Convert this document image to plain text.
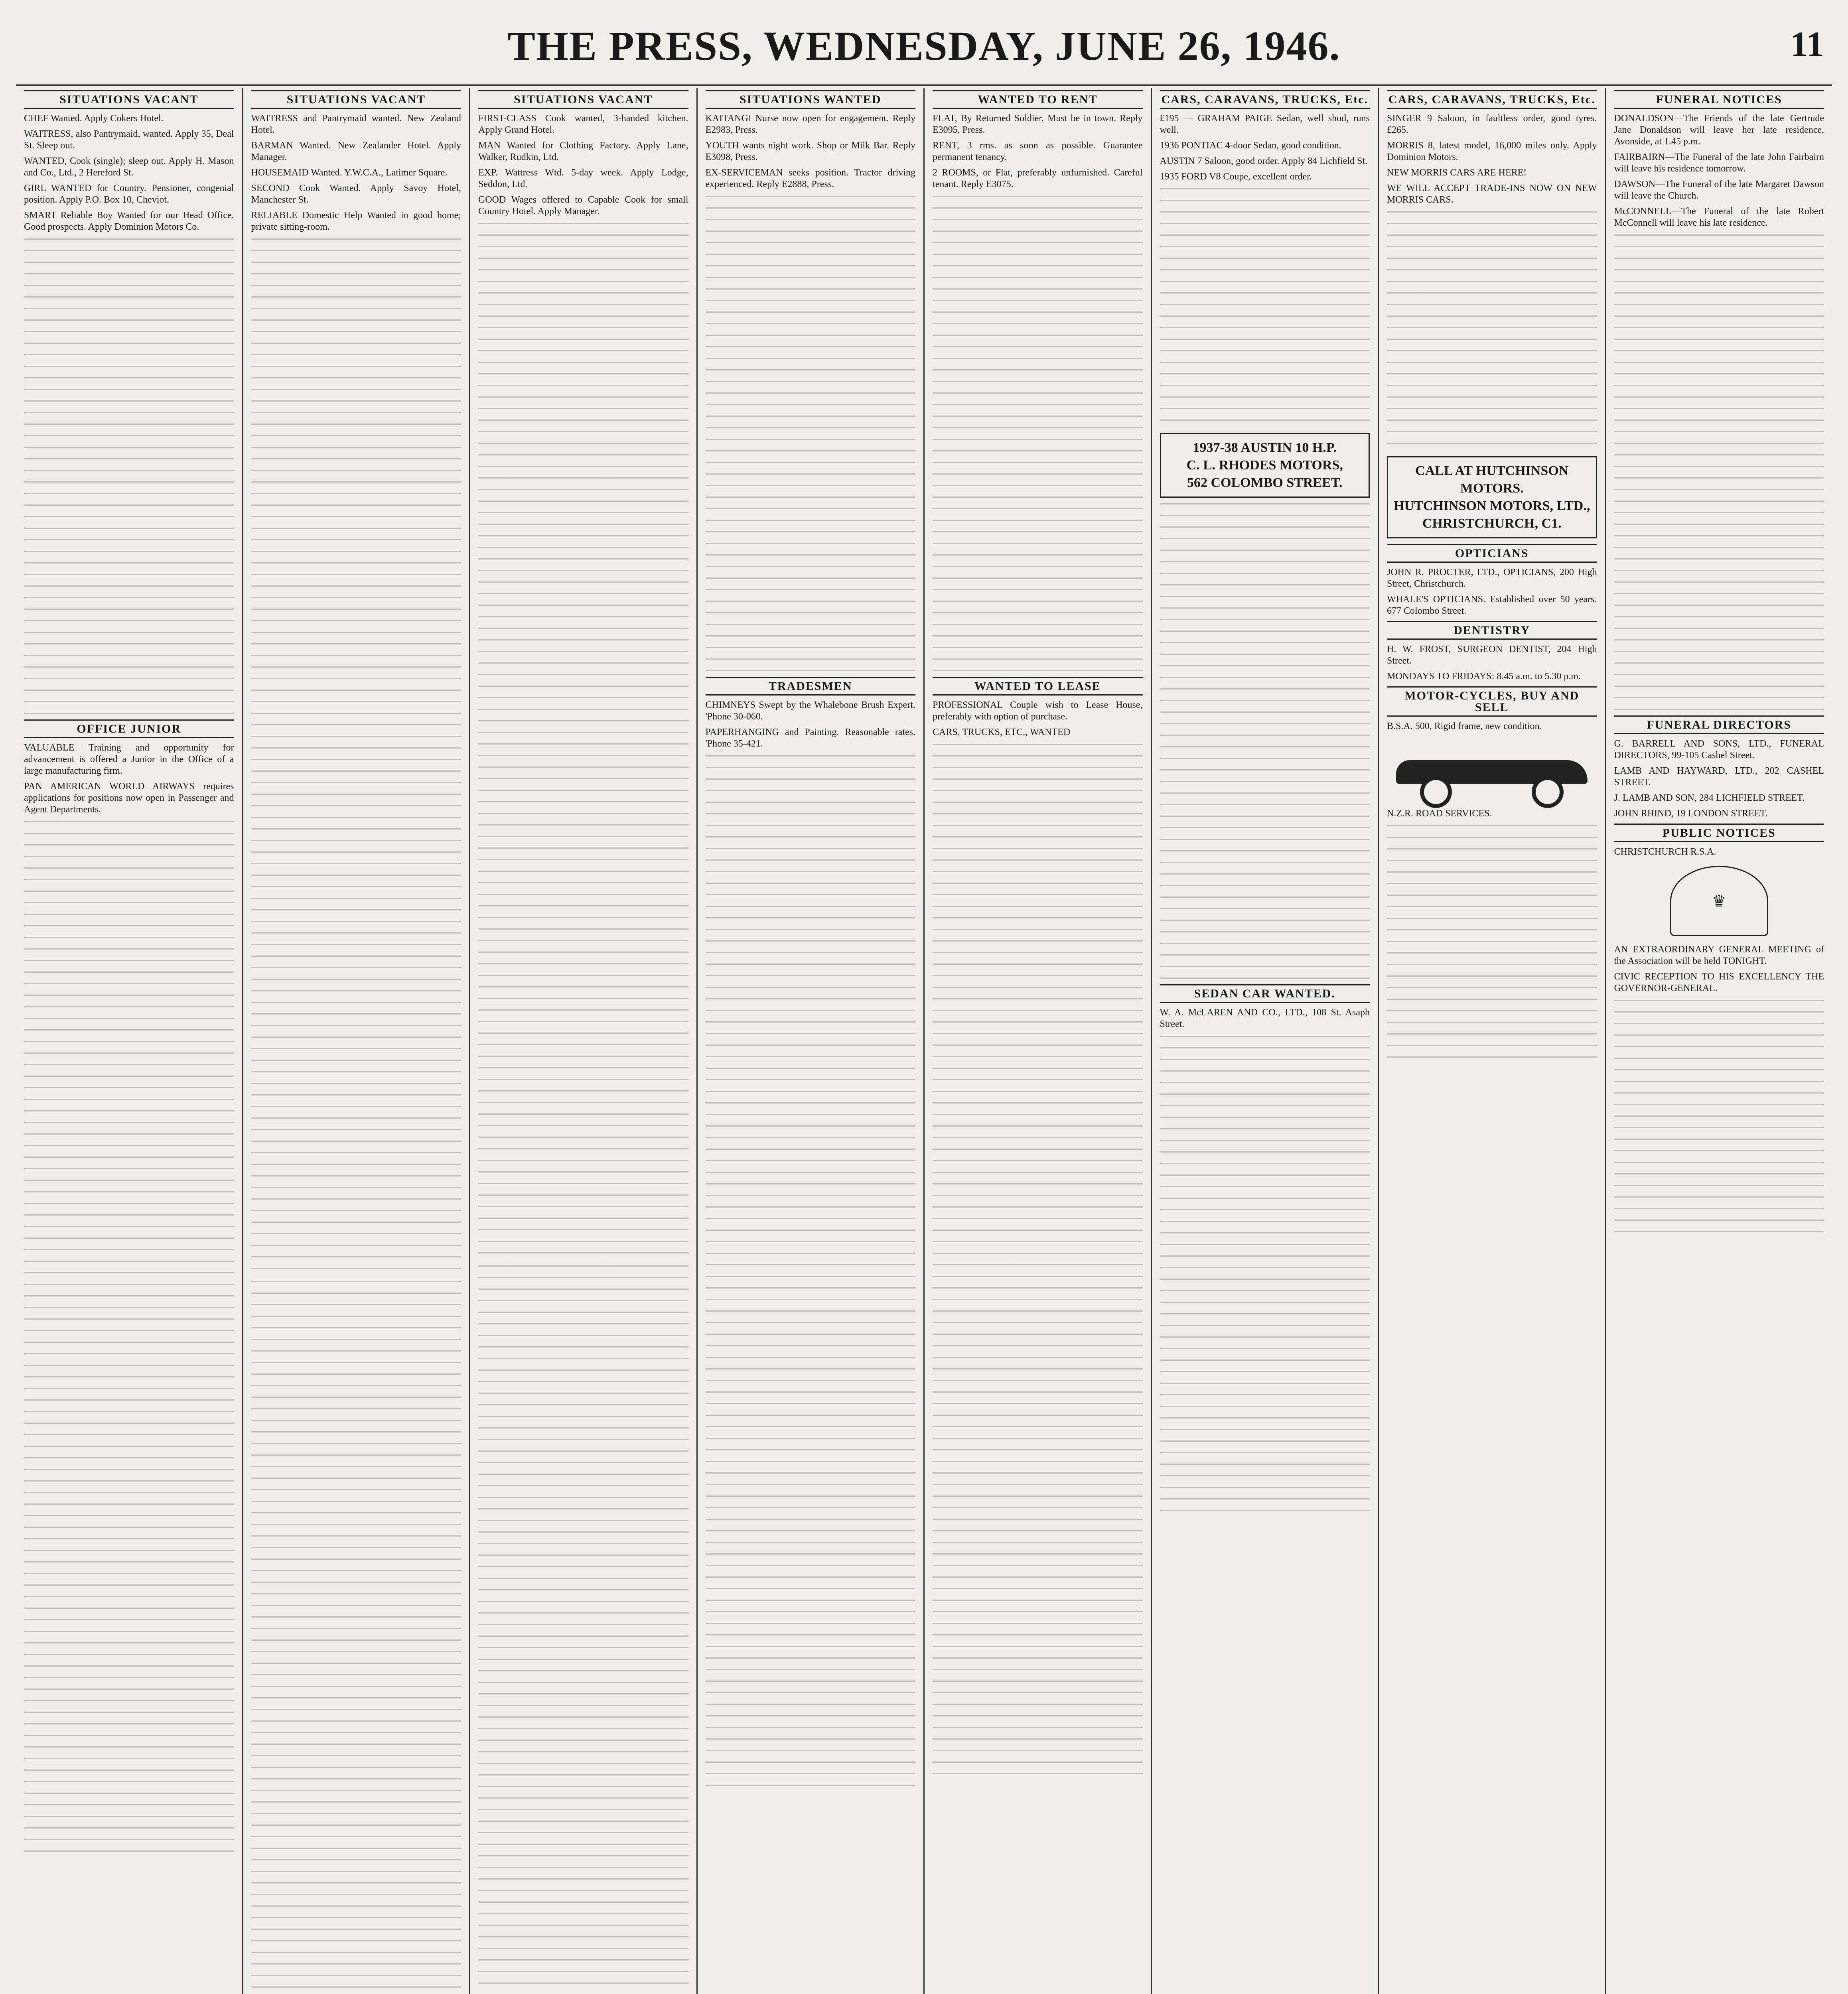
THE PRESS, WEDNESDAY, JUNE 26, 1946.	11
SITUATIONS VACANT

CHEF Wanted. Apply Cokers Hotel.

WAITRESS, also Pantrymaid, wanted. Apply 35, Deal St. Sleep out.

WANTED, Cook (single); sleep out. Apply H. Mason and Co., Ltd., 2 Hereford St.

GIRL WANTED for Country. Pensioner, congenial position. Apply P.O. Box 10, Cheviot.

SMART Reliable Boy Wanted for our Head Office. Good prospects. Apply Dominion Motors Co.

OFFICE JUNIOR

VALUABLE Training and opportunity for advancement is offered a Junior in the Office of a large manufacturing firm.

PAN AMERICAN WORLD AIRWAYS requires applications for positions now open in Passenger and Agent Departments.

SITUATIONS VACANT

WAITRESS and Pantrymaid wanted. New Zealand Hotel.

BARMAN Wanted. New Zealander Hotel. Apply Manager.

HOUSEMAID Wanted. Y.W.C.A., Latimer Square.

SECOND Cook Wanted. Apply Savoy Hotel, Manchester St.

RELIABLE Domestic Help Wanted in good home; private sitting-room.

SITUATIONS VACANT

FIRST-CLASS Cook wanted, 3-handed kitchen. Apply Grand Hotel.

MAN Wanted for Clothing Factory. Apply Lane, Walker, Rudkin, Ltd.

EXP. Wattress Wtd. 5-day week. Apply Lodge, Seddon, Ltd.

GOOD Wages offered to Capable Cook for small Country Hotel. Apply Manager.

SITUATIONS WANTED

KAITANGI Nurse now open for engagement. Reply E2983, Press.

YOUTH wants night work. Shop or Milk Bar. Reply E3098, Press.

EX-SERVICEMAN seeks position. Tractor driving experienced. Reply E2888, Press.

TRADESMEN

CHIMNEYS Swept by the Whalebone Brush Expert. 'Phone 30-060.

PAPERHANGING and Painting. Reasonable rates. 'Phone 35-421.

WANTED TO RENT

FLAT, By Returned Soldier. Must be in town. Reply E3095, Press.

RENT, 3 rms. as soon as possible. Guarantee permanent tenancy.

2 ROOMS, or Flat, preferably unfurnished. Careful tenant. Reply E3075.

WANTED TO LEASE

PROFESSIONAL Couple wish to Lease House, preferably with option of purchase.

CARS, TRUCKS, ETC., WANTED

CARS, CARAVANS, TRUCKS, Etc.

£195 — GRAHAM PAIGE Sedan, well shod, runs well.

1936 PONTIAC 4-door Sedan, good condition.

AUSTIN 7 Saloon, good order. Apply 84 Lichfield St.

1935 FORD V8 Coupe, excellent order.

1937-38 AUSTIN 10 H.P.
C. L. RHODES MOTORS,
562 COLOMBO STREET.
SEDAN CAR WANTED.

W. A. McLAREN AND CO., LTD., 108 St. Asaph Street.

CARS, CARAVANS, TRUCKS, Etc.

SINGER 9 Saloon, in faultless order, good tyres. £265.

MORRIS 8, latest model, 16,000 miles only. Apply Dominion Motors.

NEW MORRIS CARS ARE HERE!

WE WILL ACCEPT TRADE-INS NOW ON NEW MORRIS CARS.

CALL AT HUTCHINSON MOTORS.
HUTCHINSON MOTORS, LTD.,
CHRISTCHURCH, C1.
OPTICIANS

JOHN R. PROCTER, LTD., OPTICIANS, 200 High Street, Christchurch.

WHALE'S OPTICIANS. Established over 50 years. 677 Colombo Street.

DENTISTRY

H. W. FROST, SURGEON DENTIST, 204 High Street.

MONDAYS TO FRIDAYS: 8.45 a.m. to 5.30 p.m.

MOTOR-CYCLES, BUY AND SELL

B.S.A. 500, Rigid frame, new condition.

N.Z.R. ROAD SERVICES.

FUNERAL NOTICES

DONALDSON—The Friends of the late Gertrude Jane Donaldson will leave her late residence, Avonside, at 1.45 p.m.

FAIRBAIRN—The Funeral of the late John Fairbairn will leave his residence tomorrow.

DAWSON—The Funeral of the late Margaret Dawson will leave the Church.

McCONNELL—The Funeral of the late Robert McConnell will leave his late residence.

FUNERAL DIRECTORS

G. BARRELL AND SONS, LTD., FUNERAL DIRECTORS, 99-105 Cashel Street.

LAMB AND HAYWARD, LTD., 202 CASHEL STREET.

J. LAMB AND SON, 284 LICHFIELD STREET.

JOHN RHIND, 19 LONDON STREET.

PUBLIC NOTICES

CHRISTCHURCH R.S.A.

♛

AN EXTRAORDINARY GENERAL MEETING of the Association will be held TONIGHT.

CIVIC RECEPTION TO HIS EXCELLENCY THE GOVERNOR-GENERAL.
